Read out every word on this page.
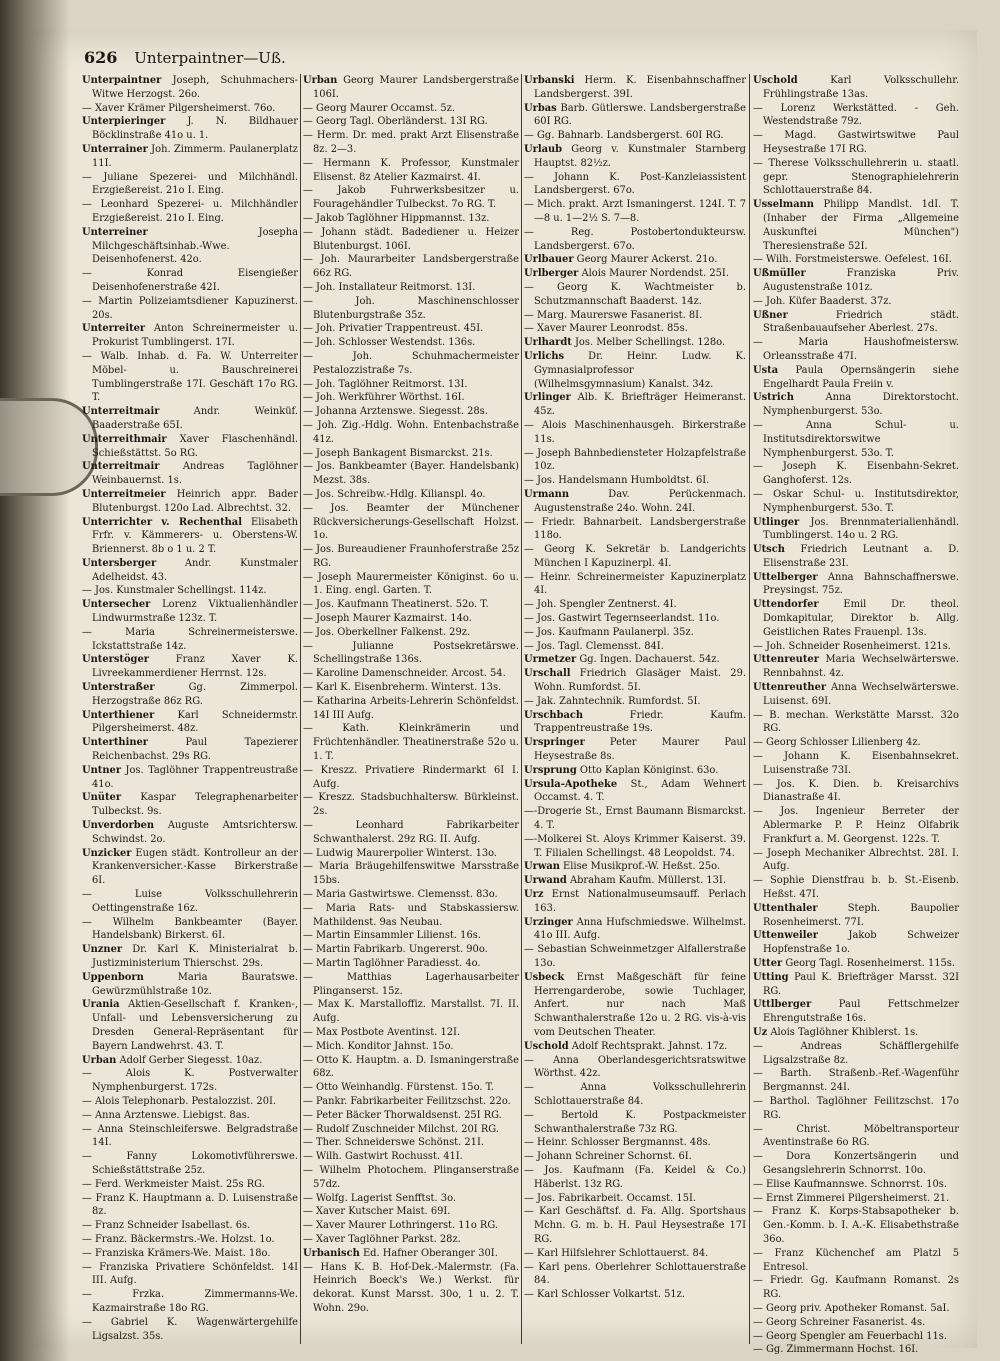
626 Unterpaintner—Uß.

Unterpaintner Joseph, Schuhmachers-Witwe Herzogst. 26o.

— Xaver Krämer Pilgersheimerst. 76o.

Unterpieringer J. N. Bildhauer Böcklinstraße 41o u. 1.

Unterrainer Joh. Zimmerm. Paulanerplatz 11I.

— Juliane Spezerei- und Milchhändl. Erzgießereist. 21o I. Eing.

— Leonhard Spezerei- u. Milchhändler Erzgießereist. 21o I. Eing.

Unterreiner Josepha Milchgeschäftsinhab.-Wwe. Deisenhofenerst. 42o.

— Konrad Eisengießer Deisenhofenerstraße 42I.

— Martin Polizeiamtsdiener Kapuzinerst. 20s.

Unterreiter Anton Schreinermeister u. Prokurist Tumblingerst. 17I.

— Walb. Inhab. d. Fa. W. Unterreiter Möbel- u. Bauschreinerei Tumblingerstraße 17I. Geschäft 17o RG. T.

Unterreitmair Andr. Weinküf. Baaderstraße 65I.

Unterreithmair Xaver Flaschenhändl. Schießstättst. 5o RG.

Unterreitmair Andreas Taglöhner Weinbauernst. 1s.

Unterreitmeier Heinrich appr. Bader Blutenburgst. 120o Lad. Albrechtst. 32.

Unterrichter v. Rechenthal Elisabeth Frfr. v. Kämmerers- u. Oberstens-W. Briennerst. 8b o 1 u. 2 T.

Untersberger Andr. Kunstmaler Adelheidst. 43.

— Jos. Kunstmaler Schellingst. 114z.

Untersecher Lorenz Viktualienhändler Lindwurmstraße 123z. T.

— Maria Schreinermeisterswe. Ickstattstraße 14z.

Unterstöger Franz Xaver K. Livreekammerdiener Herrnst. 12s.

Unterstraßer Gg. Zimmerpol. Herzogstraße 86z RG.

Unterthiener Karl Schneidermstr. Pilgersheimerst. 48z.

Unterthiner Paul Tapezierer Reichenbachst. 29s RG.

Untner Jos. Taglöhner Trappentreustraße 41o.

Unüter Kaspar Telegraphenarbeiter Tulbeckst. 9s.

Unverdorben Auguste Amtsrichtersw. Schwindst. 2o.

Unzicker Eugen städt. Kontrolleur an der Krankenversicher.-Kasse Birkerstraße 6I.

— Luise Volksschullehrerin Oettingenstraße 16z.

— Wilhelm Bankbeamter (Bayer. Handelsbank) Birkerst. 6I.

Unzner Dr. Karl K. Ministerialrat b. Justizministerium Thierschst. 29s.

Uppenborn Maria Bauratswe. Gewürzmühlstraße 10z.

Urania Aktien-Gesellschaft f. Kranken-, Unfall- und Lebensversicherung zu Dresden General-Repräsentant für Bayern Landwehrst. 43. T.

Urban Adolf Gerber Siegesst. 10az.

— Alois K. Postverwalter Nymphenburgerst. 172s.

— Alois Telephonarb. Pestalozzist. 20I.

— Anna Arztenswe. Liebigst. 8as.

— Anna Steinschleiferswe. Belgradstraße 14I.

— Fanny Lokomotivführerswe. Schießstättstraße 25z.

— Ferd. Werkmeister Maist. 25s RG.

— Franz K. Hauptmann a. D. Luisenstraße 8z.

— Franz Schneider Isabellast. 6s.

— Franz. Bäckermstrs.-We. Holzst. 1o.

— Franziska Krämers-We. Maist. 18o.

— Franziska Privatiere Schönfeldst. 14I III. Aufg.

— Frzka. Zimmermanns-We. Kazmairstraße 18o RG.

— Gabriel K. Wagenwärtergehilfe Ligsalzst. 35s.

Urban Georg Maurer Landsbergerstraße 106I.

— Georg Maurer Occamst. 5z.

— Georg Tagl. Oberländerst. 13I RG.

— Herm. Dr. med. prakt Arzt Elisenstraße 8z. 2—3.

— Hermann K. Professor, Kunstmaler Elisenst. 8z Atelier Kazmairst. 4I.

— Jakob Fuhrwerksbesitzer u. Fouragehändler Tulbeckst. 7o RG. T.

— Jakob Taglöhner Hippmannst. 13z.

— Johann städt. Badediener u. Heizer Blutenburgst. 106I.

— Joh. Maurarbeiter Landsbergerstraße 66z RG.

— Joh. Installateur Reitmorst. 13I.

— Joh. Maschinenschlosser Blutenburgstraße 35z.

— Joh. Privatier Trappentreust. 45I.

— Joh. Schlosser Westendst. 136s.

— Joh. Schuhmachermeister Pestalozzistraße 7s.

— Joh. Taglöhner Reitmorst. 13I.

— Joh. Werkführer Wörthst. 16I.

— Johanna Arztenswe. Siegesst. 28s.

— Joh. Zig.-Hdlg. Wohn. Entenbachstraße 41z.

— Joseph Bankagent Bismarckst. 21s.

— Jos. Bankbeamter (Bayer. Handelsbank) Mezst. 38s.

— Jos. Schreibw.-Hdlg. Kilianspl. 4o.

— Jos. Beamter der Münchener Rückversicherungs-Gesellschaft Holzst. 1o.

— Jos. Bureaudiener Fraunhoferstraße 25z RG.

— Joseph Maurermeister Königinst. 6o u. 1. Eing. engl. Garten. T.

— Jos. Kaufmann Theatinerst. 52o. T.

— Joseph Maurer Kazmairst. 14o.

— Jos. Oberkellner Falkenst. 29z.

— Julianne Postsekretärswe. Schellingstraße 136s.

— Karoline Damenschneider. Arcost. 54.

— Karl K. Eisenbreherm. Winterst. 13s.

— Katharina Arbeits-Lehrerin Schönfeldst. 14I III Aufg.

— Kath. Kleinkrämerin und Früchtenhändler. Theatinerstraße 52o u. 1. T.

— Kreszz. Privatiere Rindermarkt 6I I. Aufg.

— Kreszz. Stadsbuchhaltersw. Bürkleinst. 2s.

— Leonhard Fabrikarbeiter Schwanthalerst. 29z RG. II. Aufg.

— Ludwig Maurerpolier Winterst. 13o.

— Maria Bräugehilfenswitwe Marsstraße 15bs.

— Maria Gastwirtswe. Clemensst. 83o.

— Maria Rats- und Stabskassiersw. Mathildenst. 9as Neubau.

— Martin Einsammler Lilienst. 16s.

— Martin Fabrikarb. Ungererst. 90o.

— Martin Taglöhner Paradiesst. 4o.

— Matthias Lagerhausarbeiter Plinganserst. 15z.

— Max K. Marstalloffiz. Marstallst. 7I. II. Aufg.

— Max Postbote Aventinst. 12I.

— Mich. Konditor Jahnst. 15o.

— Otto K. Hauptm. a. D. Ismaningerstraße 68z.

— Otto Weinhandlg. Fürstenst. 15o. T.

— Pankr. Fabrikarbeiter Feilitzschst. 22o.

— Peter Bäcker Thorwaldsenst. 25I RG.

— Rudolf Zuschneider Milchst. 20I RG.

— Ther. Schneiderswe Schönst. 21I.

— Wilh. Gastwirt Rochusst. 41I.

— Wilhelm Photochem. Plinganserstraße 57dz.

— Wolfg. Lagerist Senfftst. 3o.

— Xaver Kutscher Maist. 69I.

— Xaver Maurer Lothringerst. 11o RG.

— Xaver Taglöhner Parkst. 28z.

Urbanisch Ed. Hafner Oberanger 30I.

— Hans K. B. Hof-Dek.-Malermstr. (Fa. Heinrich Boeck's We.) Werkst. für dekorat. Kunst Marsst. 30o, 1 u. 2. T. Wohn. 29o.

Urbanski Herm. K. Eisenbahnschaffner Landsbergerst. 39I.

Urbas Barb. Gütlerswe. Landsbergerstraße 60I RG.

— Gg. Bahnarb. Landsbergerst. 60I RG.

Urlaub Georg v. Kunstmaler Starnberg Hauptst. 82½z.

— Johann K. Post-Kanzleiassistent Landsbergerst. 67o.

— Mich. prakt. Arzt Ismaningerst. 124I. T. 7—8 u. 1—2½ S. 7—8.

— Reg. Postobertondukteursw. Landsbergerst. 67o.

Urlbauer Georg Maurer Ackerst. 21o.

Urlberger Alois Maurer Nordendst. 25I.

— Georg K. Wachtmeister b. Schutzmannschaft Baaderst. 14z.

— Marg. Maurerswe Fasanerist. 8I.

— Xaver Maurer Leonrodst. 85s.

Urlhardt Jos. Melber Schellingst. 128o.

Urlichs Dr. Heinr. Ludw. K. Gymnasialprofessor (Wilhelmsgymnasium) Kanalst. 34z.

Urlinger Alb. K. Briefträger Heimeranst. 45z.

— Alois Maschinenhausgeh. Birkerstraße 11s.

— Joseph Bahnbediensteter Holzapfelstraße 10z.

— Jos. Handelsmann Humboldtst. 6I.

Urmann Dav. Perückenmach. Augustenstraße 24o. Wohn. 24I.

— Friedr. Bahnarbeit. Landsbergerstraße 118o.

— Georg K. Sekretär b. Landgerichts München I Kapuzinerpl. 4I.

— Heinr. Schreinermeister Kapuzinerplatz 4I.

— Joh. Spengler Zentnerst. 4I.

— Jos. Gastwirt Tegernseerlandst. 11o.

— Jos. Kaufmann Paulanerpl. 35z.

— Jos. Tagl. Clemensst. 84I.

Urmetzer Gg. Ingen. Dachauerst. 54z.

Urschall Friedrich Glasäger Maist. 29. Wohn. Rumfordst. 5I.

— Jak. Zahntechnik. Rumfordst. 5I.

Urschbach Friedr. Kaufm. Trappentreustraße 19s.

Urspringer Peter Maurer Paul Heysestraße 8s.

Ursprung Otto Kaplan Königinst. 63o.

Ursula-Apotheke St., Adam Wehnert Occamst. 4. T.

—-Drogerie St., Ernst Baumann Bismarckst. 4. T.

—-Molkerei St. Aloys Krimmer Kaiserst. 39. T. Filialen Schellingst. 48 Leopoldst. 74.

Urwan Elise Musikprof.-W. Heßst. 25o.

Urwand Abraham Kaufm. Müllerst. 13I.

Urz Ernst Nationalmuseumsauff. Perlach 163.

Urzinger Anna Hufschmiedswe. Wilhelmst. 41o III. Aufg.

— Sebastian Schweinmetzger Alfallerstraße 13o.

Usbeck Ernst Maßgeschäft für feine Herrengarderobe, sowie Tuchlager, Anfert. nur nach Maß Schwanthalerstraße 12o u. 2 RG. vis-à-vis vom Deutschen Theater.

Uschold Adolf Rechtsprakt. Jahnst. 17z.

— Anna Oberlandesgerichtsratswitwe Wörthst. 42z.

— Anna Volksschullehrerin Schlottauerstraße 84.

— Bertold K. Postpackmeister Schwanthalerstraße 73z RG.

— Heinr. Schlosser Bergmannst. 48s.

— Johann Schreiner Schornst. 6I.

— Jos. Kaufmann (Fa. Keidel & Co.) Häberlst. 13z RG.

— Jos. Fabrikarbeit. Occamst. 15I.

— Karl Geschäftsf. d. Fa. Allg. Sportshaus Mchn. G. m. b. H. Paul Heysestraße 17I RG.

— Karl Hilfslehrer Schlottauerst. 84.

— Karl pens. Oberlehrer Schlottauerstraße 84.

— Karl Schlosser Volkartst. 51z.

Uschold Karl Volksschullehr. Frühlingstraße 13as.

— Lorenz Werkstätted. - Geh. Westendstraße 79z.

— Magd. Gastwirtswitwe Paul Heysestraße 17I RG.

— Therese Volksschullehrerin u. staatl. gepr. Stenographielehrerin Schlottauerstraße 84.

Usselmann Philipp Mandlst. 1dI. T. (Inhaber der Firma „Allgemeine Auskunftei München") Theresienstraße 52I.

— Wilh. Forstmeisterswe. Oefelest. 16I.

Ußmüller Franziska Priv. Augustenstraße 101z.

— Joh. Küfer Baaderst. 37z.

Ußner Friedrich städt. Straßenbauaufseher Aberlest. 27s.

— Maria Haushofmeistersw. Orleansstraße 47I.

Usta Paula Opernsängerin siehe Engelhardt Paula Freiin v.

Ustrich Anna Direktorstocht. Nymphenburgerst. 53o.

— Anna Schul- u. Institutsdirektorswitwe Nymphenburgerst. 53o. T.

— Joseph K. Eisenbahn-Sekret. Ganghoferst. 12s.

— Oskar Schul- u. Institutsdirektor, Nymphenburgerst. 53o. T.

Utlinger Jos. Brennmaterialienhändl. Tumblingerst. 14o u. 2 RG.

Utsch Friedrich Leutnant a. D. Elisenstraße 23I.

Uttelberger Anna Bahnschaffnerswe. Preysingst. 75z.

Uttendorfer Emil Dr. theol. Domkapitular, Direktor b. Allg. Geistlichen Rates Frauenpl. 13s.

— Joh. Schneider Rosenheimerst. 121s.

Uttenreuter Maria Wechselwärterswe. Rennbahnst. 4z.

Uttenreuther Anna Wechselwärterswe. Luisenst. 69I.

— B. mechan. Werkstätte Marsst. 32o RG.

— Georg Schlosser Lilienberg 4z.

— Johann K. Eisenbahnsekret. Luisenstraße 73I.

— Jos. K. Dien. b. Kreisarchivs Dianastraße 4I.

— Jos. Ingenieur Berreter der Ablermarke P. P. Heinz Olfabrik Frankfurt a. M. Georgenst. 122s. T.

— Joseph Mechaniker Albrechtst. 28I. I. Aufg.

— Sophie Dienstfrau b. b. St.-Eisenb. Heßst. 47I.

Uttenthaler Steph. Baupolier Rosenheimerst. 77I.

Uttenweiler Jakob Schweizer Hopfenstraße 1o.

Utter Georg Tagl. Rosenheimerst. 115s.

Utting Paul K. Briefträger Marsst. 32I RG.

Uttlberger Paul Fettschmelzer Ehrengutstraße 16s.

Uz Alois Taglöhner Khiblerst. 1s.

— Andreas Schäfflergehilfe Ligsalzstraße 8z.

— Barth. Straßenb.-Ref.-Wagenführ Bergmannst. 24I.

— Barthol. Taglöhner Feilitzschst. 17o RG.

— Christ. Möbeltransporteur Aventinstraße 6o RG.

— Dora Konzertsängerin und Gesangslehrerin Schnorrst. 10o.

— Elise Kaufmannswe. Schnorrst. 10s.

— Ernst Zimmerei Pilgersheimerst. 21.

— Franz K. Korps-Stabsapotheker b. Gen.-Komm. b. I. A.-K. Elisabethstraße 36o.

— Franz Küchenchef am Platzl 5 Entresol.

— Friedr. Gg. Kaufmann Romanst. 2s RG.

— Georg priv. Apotheker Romanst. 5aI.

— Georg Schreiner Fasanerist. 4s.

— Georg Spengler am Feuerbachl 11s.

— Gg. Zimmermann Hochst. 16I.
